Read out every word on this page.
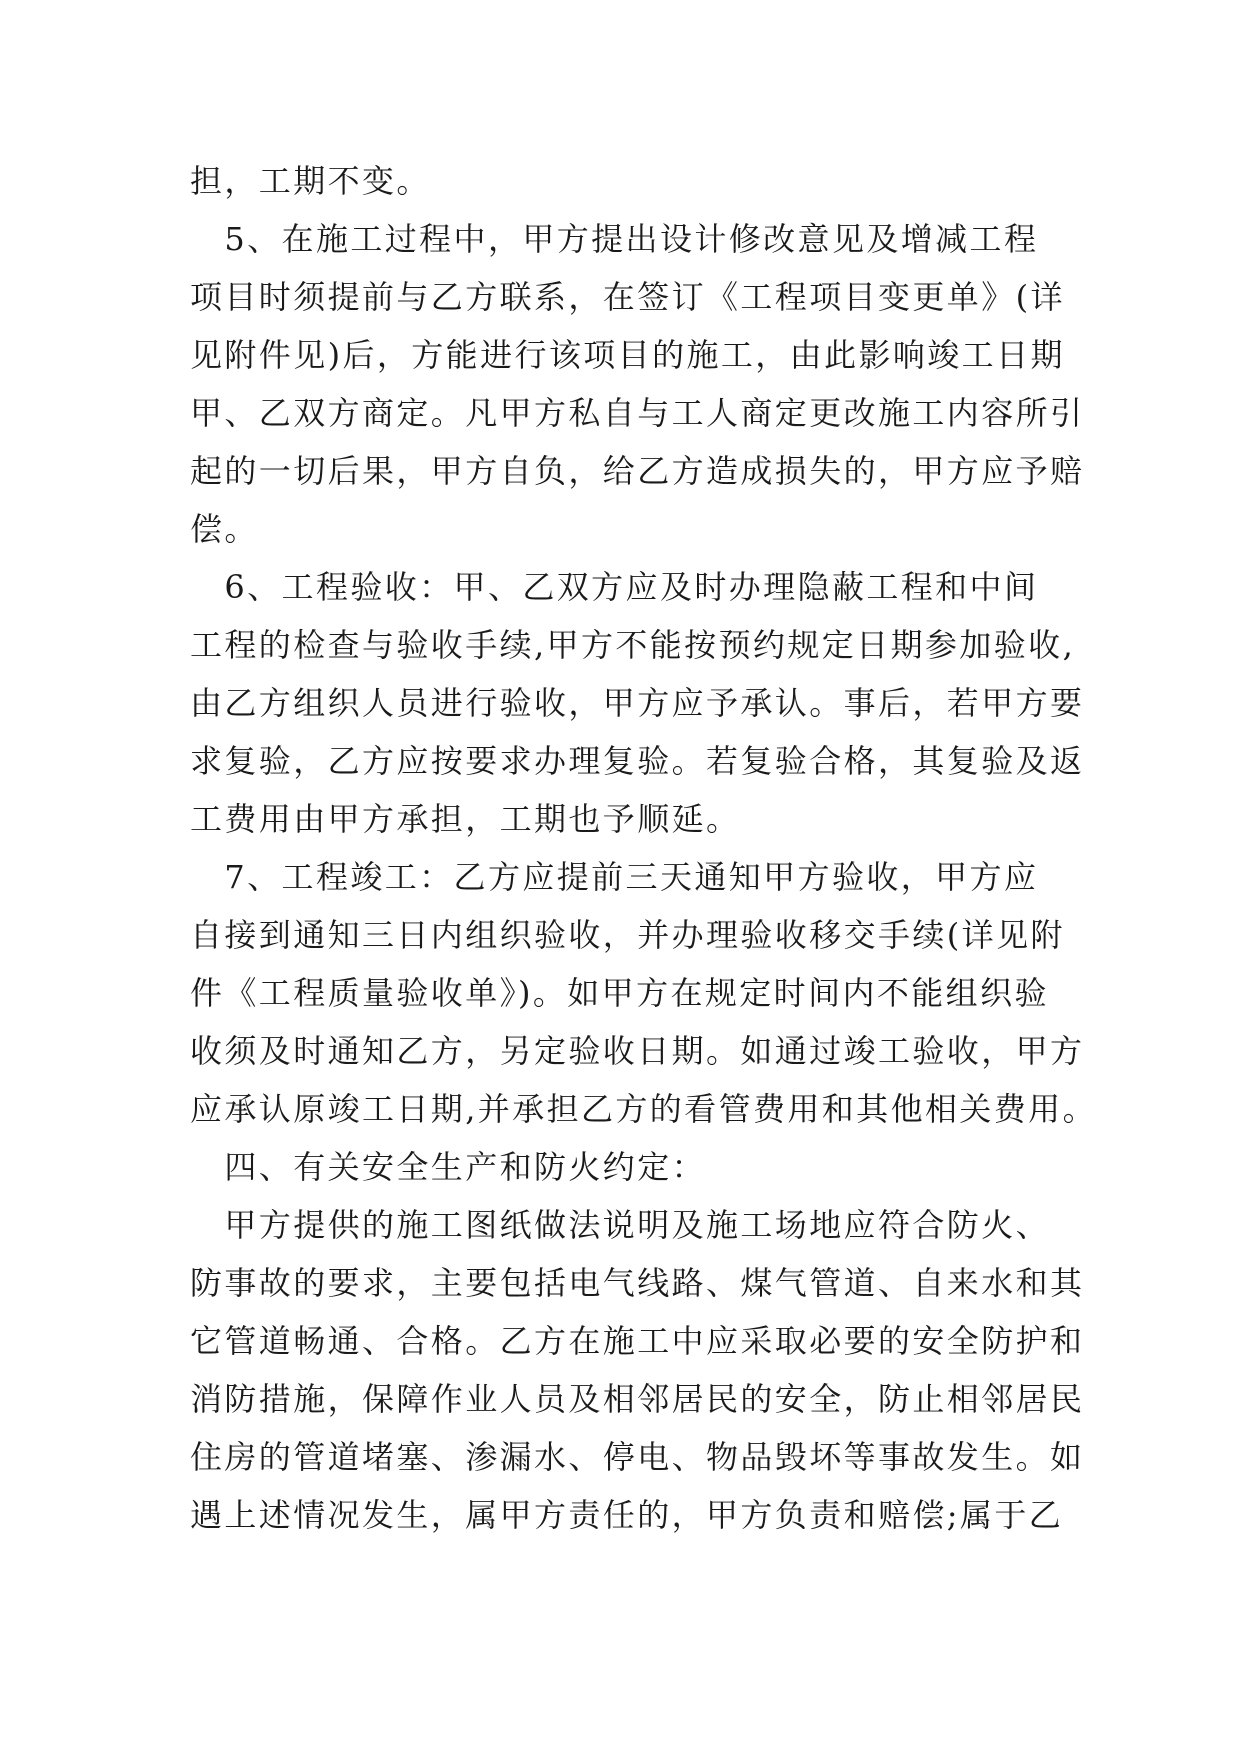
担，工期不变。
　5、在施工过程中，甲方提出设计修改意见及增减工程
项目时须提前与乙方联系，在签订《工程项目变更单》(详
见附件见)后，方能进行该项目的施工，由此影响竣工日期
甲、乙双方商定。凡甲方私自与工人商定更改施工内容所引
起的一切后果，甲方自负，给乙方造成损失的，甲方应予赔
偿。
　6、工程验收：甲、乙双方应及时办理隐蔽工程和中间
工程的检查与验收手续,甲方不能按预约规定日期参加验收,
由乙方组织人员进行验收，甲方应予承认。事后，若甲方要
求复验，乙方应按要求办理复验。若复验合格，其复验及返
工费用由甲方承担，工期也予顺延。
　7、工程竣工：乙方应提前三天通知甲方验收，甲方应
自接到通知三日内组织验收，并办理验收移交手续(详见附
件《工程质量验收单》)。如甲方在规定时间内不能组织验
收须及时通知乙方，另定验收日期。如通过竣工验收，甲方
应承认原竣工日期,并承担乙方的看管费用和其他相关费用。
　四、有关安全生产和防火约定：
　甲方提供的施工图纸做法说明及施工场地应符合防火、
防事故的要求，主要包括电气线路、煤气管道、自来水和其
它管道畅通、合格。乙方在施工中应采取必要的安全防护和
消防措施，保障作业人员及相邻居民的安全，防止相邻居民
住房的管道堵塞、渗漏水、停电、物品毁坏等事故发生。如
遇上述情况发生，属甲方责任的，甲方负责和赔偿;属于乙
